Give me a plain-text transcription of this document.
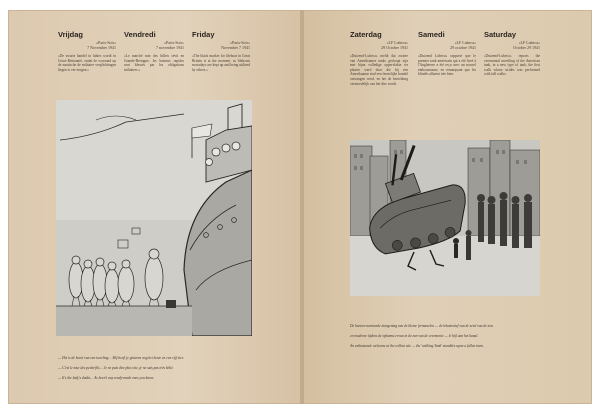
Vrijdag	Vendredi	Friday
«Paris-Soir»
7 November 1941
«Paris-Soir»
7 novembre 1941
«Paris-Soir»
November 7 1941
«De zwarte handel in luhtes wordt in Groot-Brittannië, ondat de voorraad op de nautische de militaire verplichtingen liegen is ver-zorgen.»
«Le marché noir des billets sévit en Grande-Bretagne, les bateaux rapides sont blessés par les obligations militaires.»
«The black market for lifeboat in Great Britain is at the moment, as lifeboats nowadays are kept up and being utilized by others.»
— Het is de beurt van een tweeling… Mij heeft je gisteren nog het beste en een vijf vier.
— C'est le tour des petits-fils… Je ne puis dire plus vite, je ne suis pas très bébé.
— It's the lady's doubt… As been't any ready-made ones you know.
Zaterdag	Samedi	Saturday
«LF Lubeca»
29 October 1941
«LF Lubeca»
29 octobre 1941
«LF Lubeca»
October 29 1941
«Duizend-Lubeca» meldt dat zwarte van Amerikaanse tanks gesloopt zijn met bijna volledige oppervlakte ter plaatse werd door die bij een Amerikaanse stad een feestelijke bundel ontvangen werd, en het de bezichting vermoedelijk van het dier wordt.
«Duizend Lubeca» rapporte que le premier tank américain qui a été livré à l'Angleterre a été reçu avec un nouvel enthousiasme, en remarquant que les blindés allaient très bien.
«Duizend-Lubeca» reports the ceremonial unveiling of the American tank, in a new type of tank, the first walk whose strides was performed with full walks.
De hartverwarmende inzegening van de kleine fermanelen — de lokomotief van de zetel van de zon.
en moderne tijdens de opkomst ervan in de zon van de ceremonie — le bijl aan het kanal.
An enthusiastic welcome at the rollout site — the 'walking Tank' stumbles upon a fallen tram.
